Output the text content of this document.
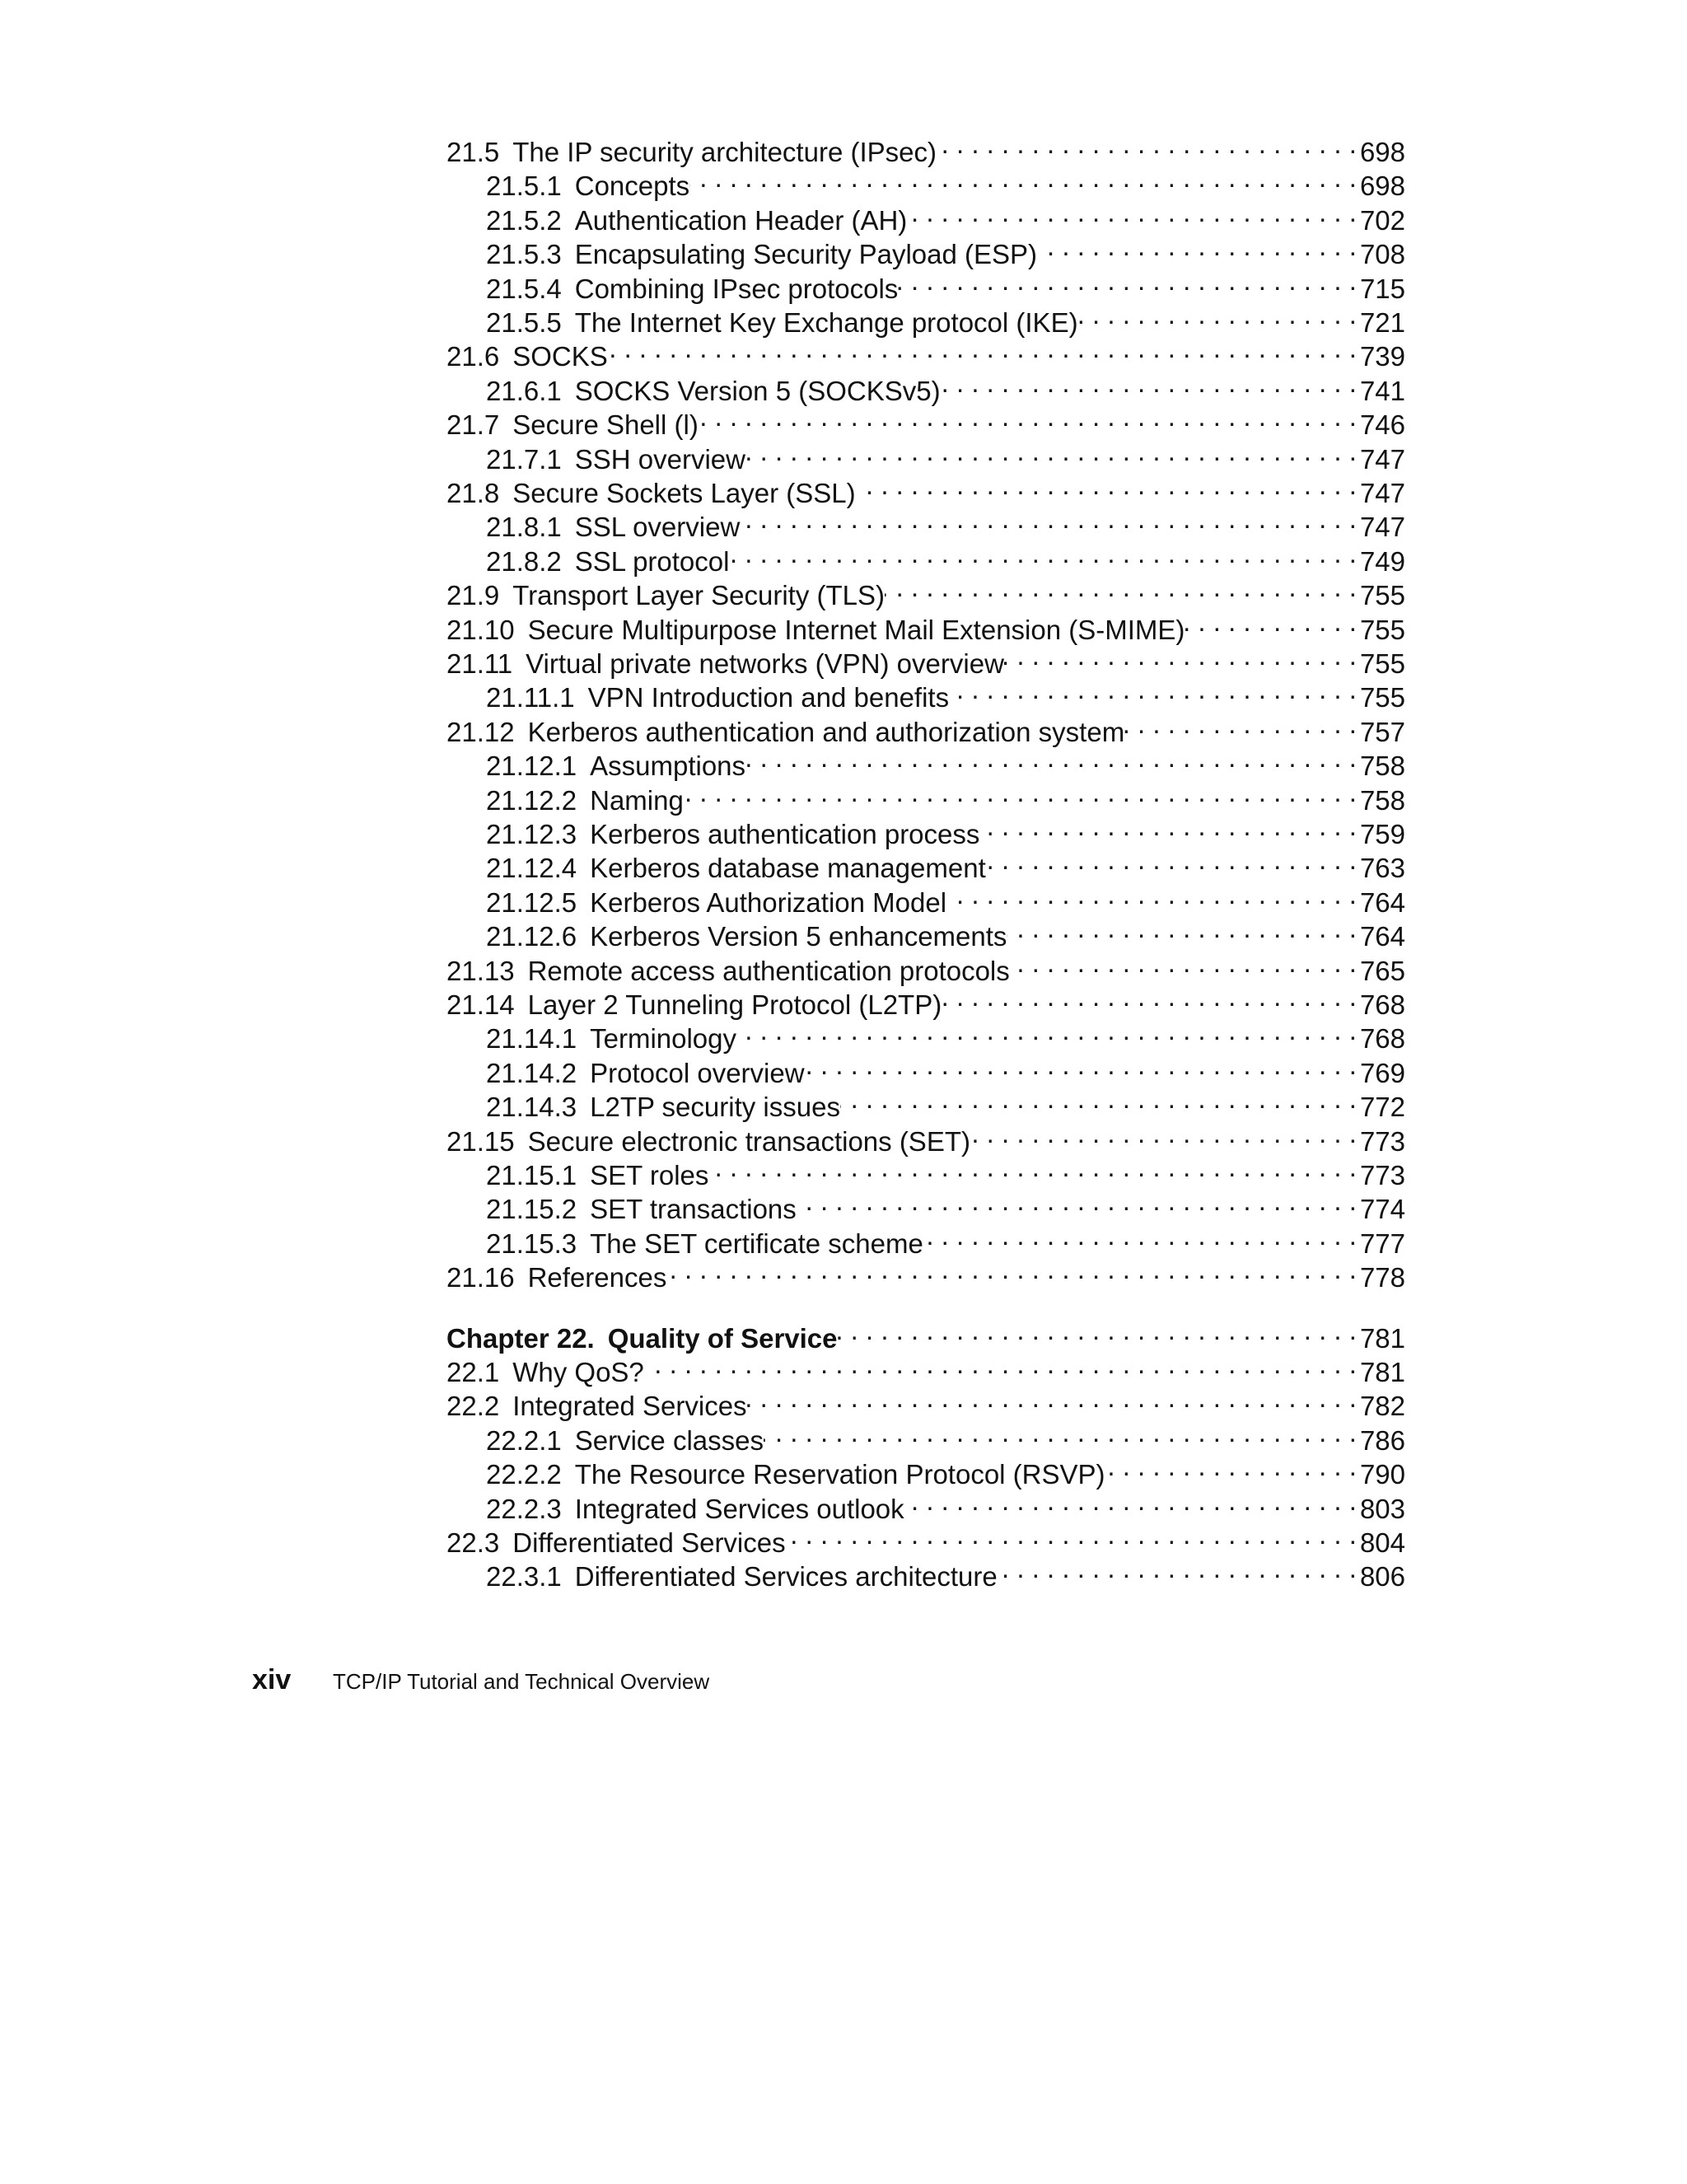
21.5 The IP security architecture (IPsec) . . .	698
21.5.1 Concepts . . .	698
21.5.2 Authentication Header (AH) . . .	702
21.5.3 Encapsulating Security Payload (ESP) . . .	708
21.5.4 Combining IPsec protocols . . .	715
21.5.5 The Internet Key Exchange protocol (IKE) . . .	721
21.6 SOCKS . . .	739
21.6.1 SOCKS Version 5 (SOCKSv5) . . .	741
21.7 Secure Shell (l) . . .	746
21.7.1 SSH overview . . .	747
21.8 Secure Sockets Layer (SSL) . . .	747
21.8.1 SSL overview . . .	747
21.8.2 SSL protocol . . .	749
21.9 Transport Layer Security (TLS) . . .	755
21.10 Secure Multipurpose Internet Mail Extension (S-MIME) . . .	755
21.11 Virtual private networks (VPN) overview . . .	755
21.11.1 VPN Introduction and benefits . . .	755
21.12 Kerberos authentication and authorization system . . .	757
21.12.1 Assumptions . . .	758
21.12.2 Naming . . .	758
21.12.3 Kerberos authentication process . . .	759
21.12.4 Kerberos database management . . .	763
21.12.5 Kerberos Authorization Model . . .	764
21.12.6 Kerberos Version 5 enhancements . . .	764
21.13 Remote access authentication protocols . . .	765
21.14 Layer 2 Tunneling Protocol (L2TP) . . .	768
21.14.1 Terminology . . .	768
21.14.2 Protocol overview . . .	769
21.14.3 L2TP security issues . . .	772
21.15 Secure electronic transactions (SET) . . .	773
21.15.1 SET roles . . .	773
21.15.2 SET transactions . . .	774
21.15.3 The SET certificate scheme . . .	777
21.16 References . . .	778
Chapter 22. Quality of Service . . .	781
22.1 Why QoS? . . .	781
22.2 Integrated Services . . .	782
22.2.1 Service classes . . .	786
22.2.2 The Resource Reservation Protocol (RSVP) . . .	790
22.2.3 Integrated Services outlook . . .	803
22.3 Differentiated Services . . .	804
22.3.1 Differentiated Services architecture . . .	806
xiv	TCP/IP Tutorial and Technical Overview
